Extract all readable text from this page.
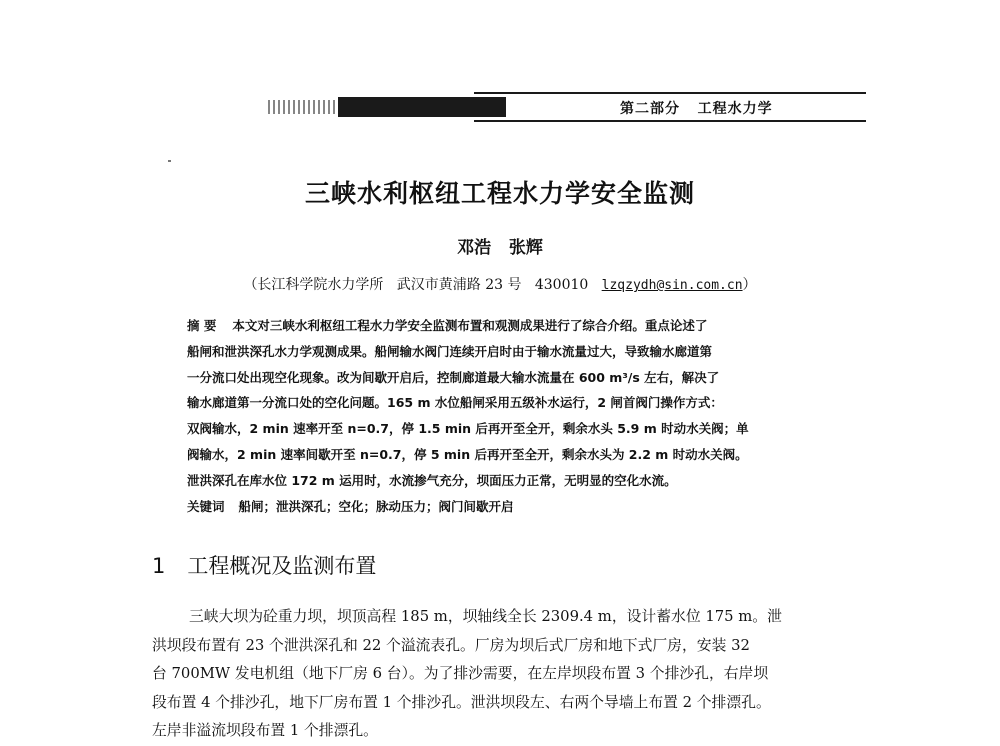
第二部分   工程水力学
三峡水利枢纽工程水力学安全监测
邓浩   张辉
（长江科学院水力学所   武汉市黄浦路 23 号   430010   lzqzydh@sin.com.cn）
摘 要 本文对三峡水利枢纽工程水力学安全监测布置和观测成果进行了综合介绍。重点论述了
船闸和泄洪深孔水力学观测成果。船闸输水阀门连续开启时由于输水流量过大，导致输水廊道第
一分流口处出现空化现象。改为间歇开启后，控制廊道最大输水流量在 600 m³/s 左右，解决了
输水廊道第一分流口处的空化问题。165 m 水位船闸采用五级补水运行，2 闸首阀门操作方式：
双阀输水，2 min 速率开至 n=0.7，停 1.5 min 后再开至全开，剩余水头 5.9 m 时动水关阀；单
阀输水，2 min 速率间歇开至 n=0.7，停 5 min 后再开至全开，剩余水头为 2.2 m 时动水关阀。
泄洪深孔在库水位 172 m 运用时，水流掺气充分，坝面压力正常，无明显的空化水流。
关键词 船闸；泄洪深孔；空化；脉动压力；阀门间歇开启
1 工程概况及监测布置
三峡大坝为砼重力坝，坝顶高程 185 m，坝轴线全长 2309.4 m，设计蓄水位 175 m。泄
洪坝段布置有 23 个泄洪深孔和 22 个溢流表孔。厂房为坝后式厂房和地下式厂房，安装 32
台 700MW 发电机组（地下厂房 6 台）。为了排沙需要，在左岸坝段布置 3 个排沙孔，右岸坝
段布置 4 个排沙孔，地下厂房布置 1 个排沙孔。泄洪坝段左、右两个导墙上布置 2 个排漂孔。
左岸非溢流坝段布置 1 个排漂孔。
